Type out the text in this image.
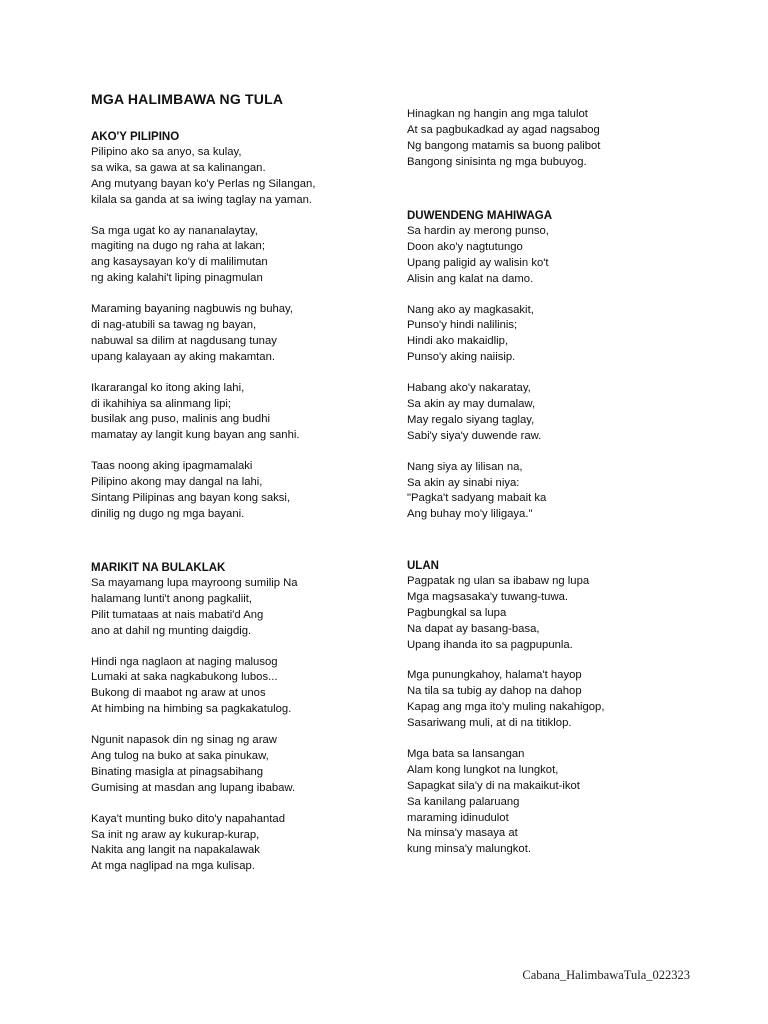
MGA HALIMBAWA NG TULA
AKO'Y PILIPINO
Pilipino ako sa anyo, sa kulay,
sa wika, sa gawa at sa kalinangan.
Ang mutyang bayan ko'y Perlas ng Silangan,
kilala sa ganda at sa iwing taglay na yaman.
Sa mga ugat ko ay nananalaytay,
magiting na dugo ng raha at lakan;
ang kasaysayan ko'y di malilimutan
ng aking kalahi't liping pinagmulan
Maraming bayaning nagbuwis ng buhay,
di nag-atubili sa tawag ng bayan,
nabuwal sa dilim at nagdusang tunay
upang kalayaan ay aking makamtan.
Ikararangal ko itong aking lahi,
di ikahihiya sa alinmang lipi;
busilak ang puso, malinis ang budhi
mamatay ay langit kung bayan ang sanhi.
Taas noong aking ipagmamalaki
Pilipino akong may dangal na lahi,
Sintang Pilipinas ang bayan kong saksi,
dinilig ng dugo ng mga bayani.
MARIKIT NA BULAKLAK
Sa mayamang lupa mayroong sumilip Na
halamang lunti't anong pagkaliit,
Pilit tumataas at nais mabati'd Ang
ano at dahil ng munting daigdig.
Hindi nga naglaon at naging malusog
Lumaki at saka nagkabukong lubos...
Bukong di maabot ng araw at unos
At himbing na himbing sa pagkakatulog.
Ngunit napasok din ng sinag ng araw
Ang tulog na buko at saka pinukaw,
Binating masigla at pinagsabihang
Gumising at masdan ang lupang ibabaw.
Kaya't munting buko dito'y napahantad
Sa init ng araw ay kukurap-kurap,
Nakita ang langit na napakalawak
At mga naglipad na mga kulisap.
Hinagkan ng hangin ang mga talulot
At sa pagbukadkad ay agad nagsabog
Ng bangong matamis sa buong palibot
Bangong sinisinta ng mga bubuyog.
DUWENDENG MAHIWAGA
Sa hardin ay merong punso,
Doon ako'y nagtutungo
Upang paligid ay walisin ko't
Alisin ang kalat na damo.
Nang ako ay magkasakit,
Punso'y hindi nalilinis;
Hindi ako makaidlip,
Punso'y aking naiisip.
Habang ako'y nakaratay,
Sa akin ay may dumalaw,
May regalo siyang taglay,
Sabi'y siya'y duwende raw.
Nang siya ay lilisan na,
Sa akin ay sinabi niya:
"Pagka't sadyang mabait ka
Ang buhay mo'y liligaya."
ULAN
Pagpatak ng ulan sa ibabaw ng lupa
Mga magsasaka'y tuwang-tuwa.
Pagbungkal sa lupa
Na dapat ay basang-basa,
Upang ihanda ito sa pagpupunla.
Mga punungkahoy, halama't hayop
Na tila sa tubig ay dahop na dahop
Kapag ang mga ito'y muling nakahigop,
Sasariwang muli, at di na titiklop.
Mga bata sa lansangan
Alam kong lungkot na lungkot,
Sapagkat sila'y di na makaikut-ikot
Sa kanilang palaruang
maraming idinudulot
Na minsa'y masaya at
kung minsa'y malungkot.
Cabana_HalimbawaTula_022323
